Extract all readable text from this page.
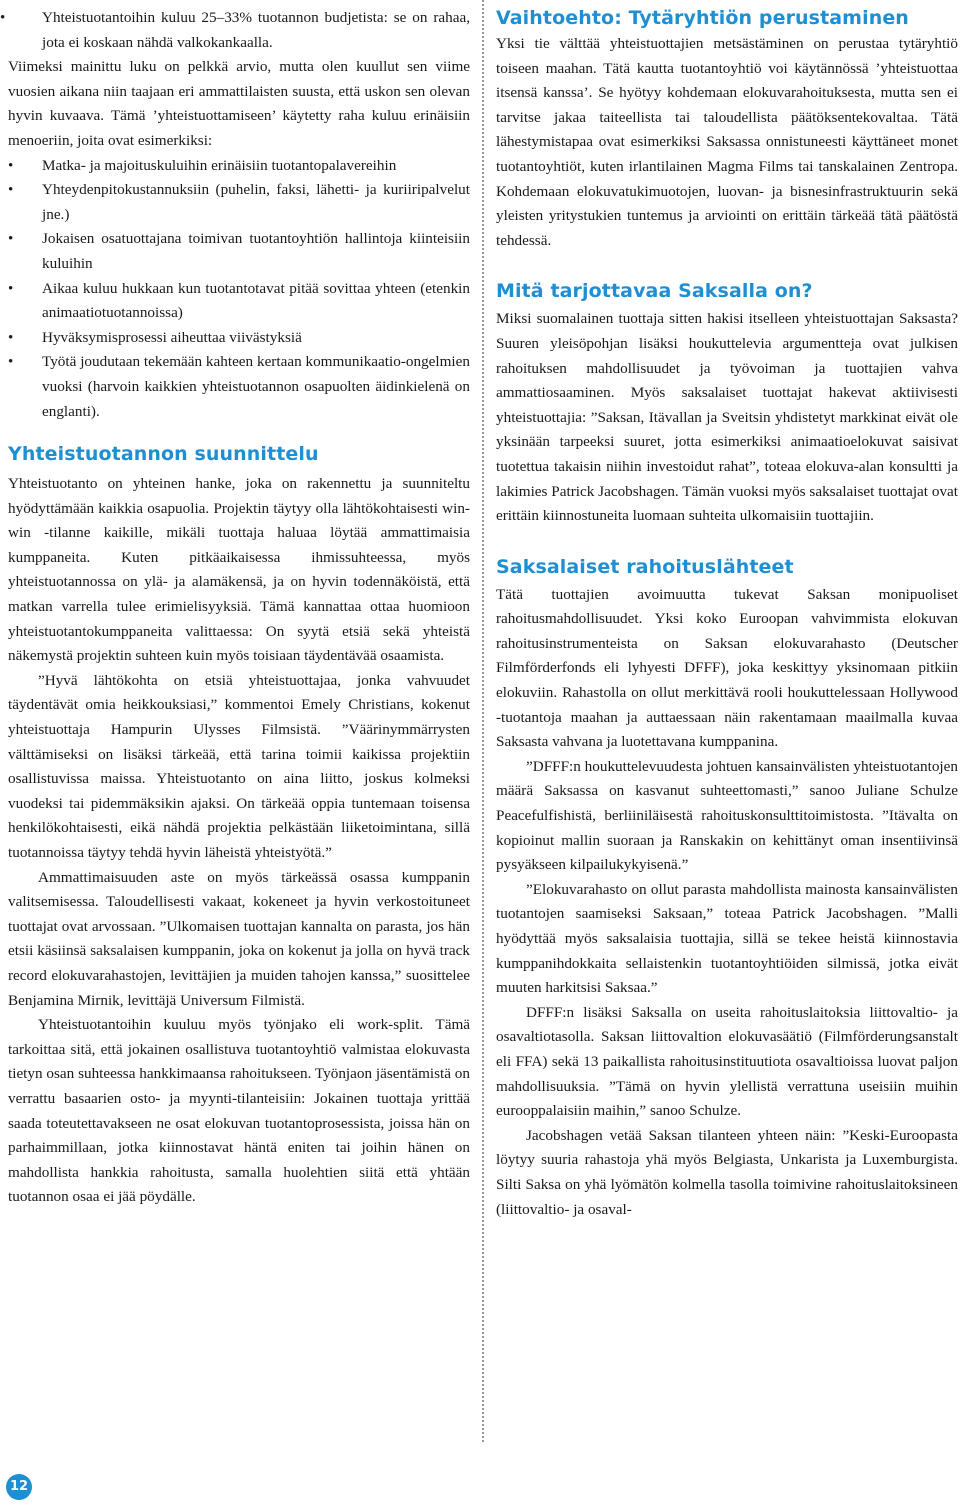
• Yhteistuotantoihin kuluu 25–33% tuotannon budjetista: se on rahaa, jota ei koskaan nähdä valkokankaalla.

Viimeksi mainittu luku on pelkkä arvio, mutta olen kuullut sen viime vuosien aikana niin taajaan eri ammattilaisten suusta, että uskon sen olevan hyvin kuvaava. Tämä ’yhteistuottamiseen’ käytetty raha kuluu erinäisiin menoeriin, joita ovat esimerkiksi:

• Matka- ja majoituskuluihin erinäisiin tuotantopalavereihin
• Yhteydenpitokustannuksiin (puhelin, faksi, lähetti- ja kuriiripalvelut jne.)
• Jokaisen osatuottajana toimivan tuotantoyhtiön hallintoja kiinteisiin kuluihin
• Aikaa kuluu hukkaan kun tuotantotavat pitää sovittaa yhteen (etenkin animaatiotuotannoissa)
• Hyväksymisprosessi aiheuttaa viivästyksiä
• Työtä joudutaan tekemään kahteen kertaan kommunikaatio-ongelmien vuoksi (harvoin kaikkien yhteistuotannon osapuolten äidinkielenä on englanti).
Yhteistuotannon suunnittelu

Yhteistuotanto on yhteinen hanke, joka on rakennettu ja suunniteltu hyödyttämään kaikkia osapuolia. Projektin täytyy olla lähtökohtaisesti win-win -tilanne kaikille, mikäli tuottaja haluaa löytää ammattimaisia kumppaneita. Kuten pitkäaikaisessa ihmissuhteessa, myös yhteistuotannossa on ylä- ja alamäkensä, ja on hyvin todennäköistä, että matkan varrella tulee erimielisyyksiä. Tämä kannattaa ottaa huomioon yhteistuotantokumppaneita valittaessa: On syytä etsiä sekä yhteistä näkemystä projektin suhteen kuin myös toisiaan täydentävää osaamista.

”Hyvä lähtökohta on etsiä yhteistuottajaa, jonka vahvuudet täydentävät omia heikkouksiasi,” kommentoi Emely Christians, kokenut yhteistuottaja Hampurin Ulysses Filmsistä. ”Väärinymmärrysten välttämiseksi on lisäksi tärkeää, että tarina toimii kaikissa projektiin osallistuvissa maissa. Yhteistuotanto on aina liitto, joskus kolmeksi vuodeksi tai pidemmäksikin ajaksi. On tärkeää oppia tuntemaan toisensa henkilökohtaisesti, eikä nähdä projektia pelkästään liiketoimintana, sillä tuotannoissa täytyy tehdä hyvin läheistä yhteistyötä.”

Ammattimaisuuden aste on myös tärkeässä osassa kumppanin valitsemisessa. Taloudellisesti vakaat, kokeneet ja hyvin verkostoituneet tuottajat ovat arvossaan. ”Ulkomaisen tuottajan kannalta on parasta, jos hän etsii käsiinsä saksalaisen kumppanin, joka on kokenut ja jolla on hyvä track record elokuvarahastojen, levittäjien ja muiden tahojen kanssa,” suosittelee Benjamina Mirnik, levittäjä Universum Filmistä.

Yhteistuotantoihin kuuluu myös työnjako eli work-split. Tämä tarkoittaa sitä, että jokainen osallistuva tuotantoyhtiö valmistaa elokuvasta tietyn osan suhteessa hankkimaansa rahoitukseen. Työnjaon jäsentämistä on verrattu basaarien osto- ja myynti-tilanteisiin: Jokainen tuottaja yrittää saada toteutettavakseen ne osat elokuvan tuotantoprosessista, joissa hän on parhaimmillaan, jotka kiinnostavat häntä eniten tai joihin hänen on mahdollista hankkia rahoitusta, samalla huolehtien siitä että yhtään tuotannon osaa ei jää pöydälle.

Vaihtoehto: Tytäryhtiön perustaminen

Yksi tie välttää yhteistuottajien metsästäminen on perustaa tytäryhtiö toiseen maahan. Tätä kautta tuotantoyhtiö voi käytännössä ’yhteistuottaa itsensä kanssa’. Se hyötyy kohdemaan elokuvarahoituksesta, mutta sen ei tarvitse jakaa taiteellista tai taloudellista päätöksentekovaltaa. Tätä lähestymistapaa ovat esimerkiksi Saksassa onnistuneesti käyttäneet monet tuotantoyhtiöt, kuten irlantilainen Magma Films tai tanskalainen Zentropa. Kohdemaan elokuvatukimuotojen, luovan- ja bisnesinfrastruktuurin sekä yleisten yritystukien tuntemus ja arviointi on erittäin tärkeää tätä päätöstä tehdessä.

Mitä tarjottavaa Saksalla on?

Miksi suomalainen tuottaja sitten hakisi itselleen yhteistuottajan Saksasta? Suuren yleisöpohjan lisäksi houkuttelevia argumentteja ovat julkisen rahoituksen mahdollisuudet ja työvoiman ja tuottajien vahva ammattiosaaminen. Myös saksalaiset tuottajat hakevat aktiivisesti yhteistuottajia: ”Saksan, Itävallan ja Sveitsin yhdistetyt markkinat eivät ole yksinään tarpeeksi suuret, jotta esimerkiksi animaatioelokuvat saisivat tuotettua takaisin niihin investoidut rahat”, toteaa elokuva-alan konsultti ja lakimies Patrick Jacobshagen. Tämän vuoksi myös saksalaiset tuottajat ovat erittäin kiinnostuneita luomaan suhteita ulkomaisiin tuottajiin.

Saksalaiset rahoituslähteet

Tätä tuottajien avoimuutta tukevat Saksan monipuoliset rahoitusmahdollisuudet. Yksi koko Euroopan vahvimmista elokuvan rahoitusinstrumenteista on Saksan elokuvarahasto (Deutscher Filmförderfonds eli lyhyesti DFFF), joka keskittyy yksinomaan pitkiin elokuviin. Rahastolla on ollut merkittävä rooli houkuttelessaan Hollywood -tuotantoja maahan ja auttaessaan näin rakentamaan maailmalla kuvaa Saksasta vahvana ja luotettavana kumppanina.

”DFFF:n houkuttelevuudesta johtuen kansainvälisten yhteistuotantojen määrä Saksassa on kasvanut suhteettomasti,” sanoo Juliane Schulze Peacefulfishistä, berliiniläisestä rahoituskonsulttitoimistosta. ”Itävalta on kopioinut mallin suoraan ja Ranskakin on kehittänyt oman insentiivinsä pysyäkseen kilpailukykyisenä.”

”Elokuvarahasto on ollut parasta mahdollista mainosta kansainvälisten tuotantojen saamiseksi Saksaan,” toteaa Patrick Jacobshagen. ”Malli hyödyttää myös saksalaisia tuottajia, sillä se tekee heistä kiinnostavia kumppanihdokkaita sellaistenkin tuotantoyhtiöiden silmissä, jotka eivät muuten harkitsisi Saksaa.”

DFFF:n lisäksi Saksalla on useita rahoituslaitoksia liittovaltio- ja osavaltiotasolla. Saksan liittovaltion elokuvasäätiö (Filmförderungsanstalt eli FFA) sekä 13 paikallista rahoitusinstituutiota osavaltioissa luovat paljon mahdollisuuksia. ”Tämä on hyvin ylellistä verrattuna useisiin muihin eurooppalaisiin maihin,” sanoo Schulze.

Jacobshagen vetää Saksan tilanteen yhteen näin: ”Keski-Euroopasta löytyy suuria rahastoja yhä myös Belgiasta, Unkarista ja Luxemburgista. Silti Saksa on yhä lyömätön kolmella tasolla toimivine rahoituslaitoksineen (liittovaltio- ja osaval-

12
